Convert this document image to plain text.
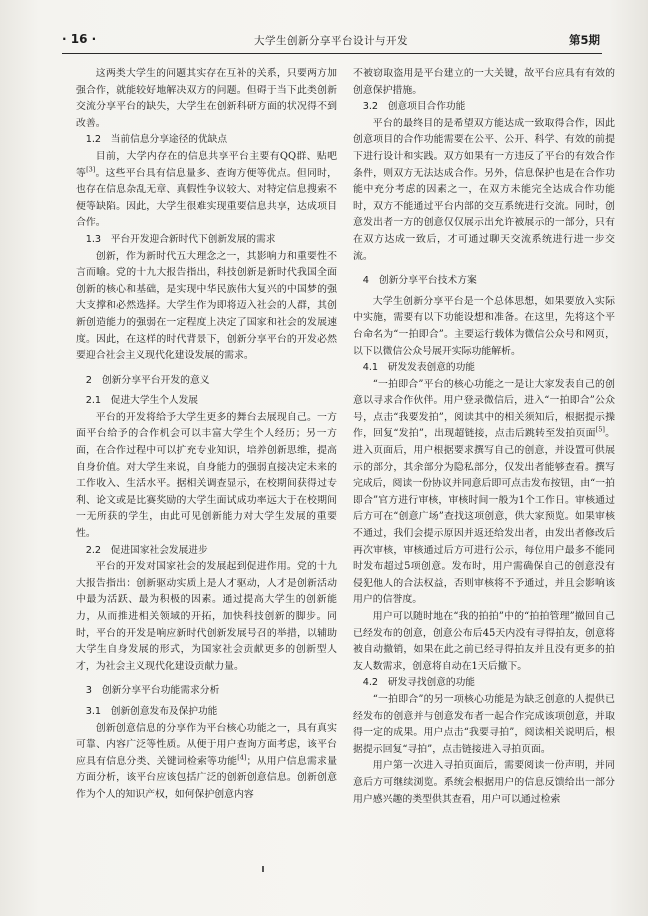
· 16 ·	大学生创新分享平台设计与开发	第5期

这两类大学生的问题其实存在互补的关系，只要两方加强合作，就能较好地解决双方的问题。但碍于当下此类创新交流分享平台的缺失，大学生在创新科研方面的状况得不到改善。

1.2　当前信息分享途径的优缺点

目前，大学内存在的信息共享平台主要有QQ群、贴吧等[3]。这些平台具有信息量多、查询方便等优点。但同时，也存在信息杂乱无章、真假性争议较大、对特定信息搜索不便等缺陷。因此，大学生很难实现重要信息共享，达成项目合作。

1.3　平台开发迎合新时代下创新发展的需求

创新，作为新时代五大理念之一，其影响力和重要性不言而喻。党的十九大报告指出，科技创新是新时代我国全面创新的核心和基础，是实现中华民族伟大复兴的中国梦的强大支撑和必然选择。大学生作为即将迈入社会的人群，其创新创造能力的强弱在一定程度上决定了国家和社会的发展速度。因此，在这样的时代背景下，创新分享平台的开发必然要迎合社会主义现代化建设发展的需求。

2　创新分享平台开发的意义
2.1　促进大学生个人发展

平台的开发将给予大学生更多的舞台去展现自己。一方面平台给予的合作机会可以丰富大学生个人经历；另一方面，在合作过程中可以扩充专业知识，培养创新思维，提高自身价值。对大学生来说，自身能力的强弱直接决定未来的工作收入、生活水平。据相关调查显示，在校期间获得过专利、论文或是比赛奖励的大学生面试成功率远大于在校期间一无所获的学生，由此可见创新能力对大学生发展的重要性。

2.2　促进国家社会发展进步

平台的开发对国家社会的发展起到促进作用。党的十九大报告指出：创新驱动实质上是人才驱动，人才是创新活动中最为活跃、最为积极的因素。通过提高大学生的创新能力，从而推进相关领域的开拓，加快科技创新的脚步。同时，平台的开发是响应新时代创新发展号召的举措，以辅助大学生自身发展的形式，为国家社会贡献更多的创新型人才，为社会主义现代化建设贡献力量。

3　创新分享平台功能需求分析
3.1　创新创意发布及保护功能

创新创意信息的分享作为平台核心功能之一，具有真实可靠、内容广泛等性质。从便于用户查询方面考虑，该平台应具有信息分类、关键词检索等功能[4]；从用户信息需求量方面分析，该平台应该包括广泛的创新创意信息。创新创意作为个人的知识产权，如何保护创意内容

不被窃取盗用是平台建立的一大关键，故平台应具有有效的创意保护措施。

3.2　创意项目合作功能

平台的最终目的是希望双方能达成一致取得合作，因此创意项目的合作功能需要在公平、公开、科学、有效的前提下进行设计和实践。双方如果有一方违反了平台的有效合作条件，则双方无法达成合作。另外，信息保护也是在合作功能中充分考虑的因素之一，在双方未能完全达成合作功能时，双方不能通过平台内部的交互系统进行交流。同时，创意发出者一方的创意仅仅展示出允许被展示的一部分，只有在双方达成一致后，才可通过聊天交流系统进行进一步交流。

4　创新分享平台技术方案

大学生创新分享平台是一个总体思想，如果要放入实际中实施，需要有以下功能设想和准备。在这里，先将这个平台命名为“一拍即合”。主要运行载体为微信公众号和网页，以下以微信公众号展开实际功能解析。

4.1　研发发表创意的功能

“一拍即合”平台的核心功能之一是让大家发表自己的创意以寻求合作伙伴。用户登录微信后，进入“一拍即合”公众号，点击“我要发拍”，阅读其中的相关须知后，根据提示操作，回复“发拍”，出现超链接，点击后跳转至发拍页面[5]。进入页面后，用户根据要求撰写自己的创意，并设置可供展示的部分，其余部分为隐私部分，仅发出者能够查看。撰写完成后，阅读一份协议并同意后即可点击发布按钮，由“一拍即合”官方进行审核，审核时间一般为1个工作日。审核通过后方可在“创意广场”查找这项创意，供大家预览。如果审核不通过，我们会提示原因并返还给发出者，由发出者修改后再次审核，审核通过后方可进行公示，每位用户最多不能同时发布超过5项创意。发布时，用户需确保自己的创意没有侵犯他人的合法权益，否则审核将不予通过，并且会影响该用户的信誉度。

用户可以随时地在“我的拍拍”中的“拍拍管理”撤回自己已经发布的创意，创意公布后45天内没有寻得拍友，创意将被自动撤销，如果在此之前已经寻得拍友并且没有更多的拍友人数需求，创意将自动在1天后撤下。

4.2　研发寻找创意的功能

“一拍即合”的另一项核心功能是为缺乏创意的人提供已经发布的创意并与创意发布者一起合作完成该项创意，并取得一定的成果。用户点击“我要寻拍”，阅读相关说明后，根据提示回复“寻拍”，点击链接进入寻拍页面。

用户第一次进入寻拍页面后，需要阅读一份声明，并同意后方可继续浏览。系统会根据用户的信息反馈给出一部分用户感兴趣的类型供其查看，用户可以通过检索
